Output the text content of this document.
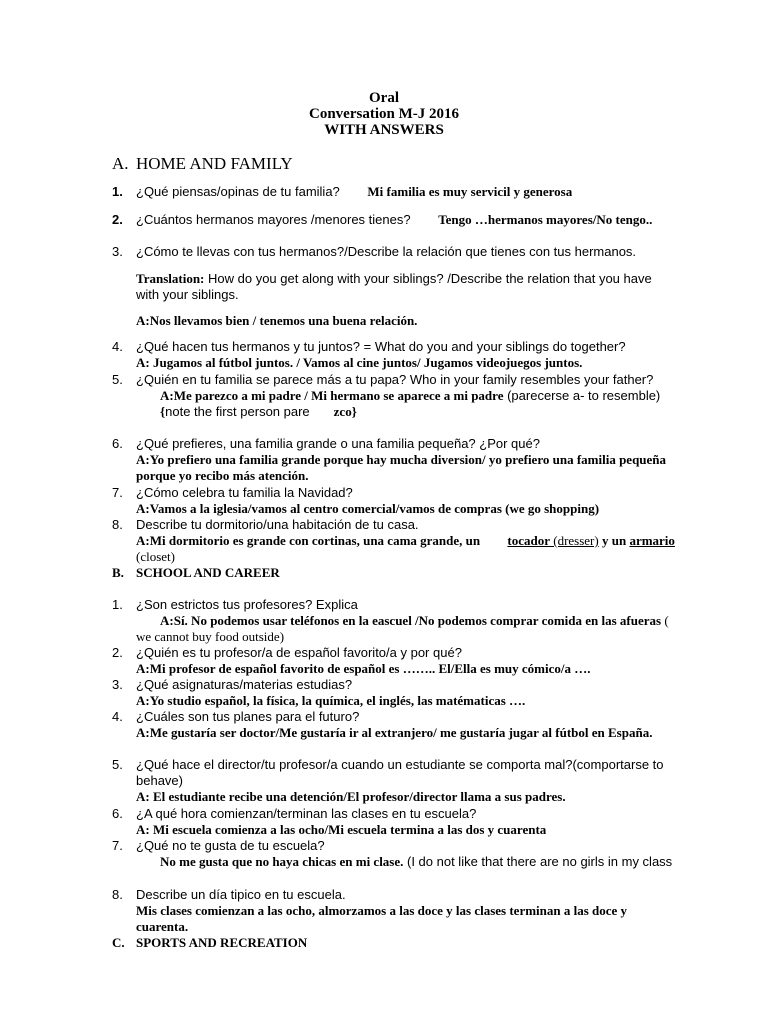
Oral
Conversation M-J 2016
WITH ANSWERS
A. HOME AND FAMILY
1. ¿Qué piensas/opinas de tu familia? Mi familia es muy servicil y generosa
2. ¿Cuántos hermanos mayores /menores tienes? Tengo …hermanos mayores/No tengo..
3. ¿Cómo te llevas con tus hermanos?/Describe la relación que tienes con tus hermanos.
Translation: How do you get along with your siblings? /Describe the relation that you have with your siblings.
A:Nos llevamos bien / tenemos una buena relación.
4. ¿Qué hacen tus hermanos y tu juntos? = What do you and your siblings do together?
A: Jugamos al fútbol juntos. / Vamos al cine juntos/ Jugamos videojuegos juntos.
5. ¿Quién en tu familia se parece más a tu papa? Who in your family resembles your father?
A:Me parezco a mi padre / Mi hermano se aparece a mi padre (parecerse a- to resemble) {note the first person pare zco}
6. ¿Qué prefieres, una familia grande o una familia pequeña? ¿Por qué?
A:Yo prefiero una familia grande porque hay mucha diversion/ yo prefiero una familia pequeña porque yo recibo más atención.
7. ¿Cómo celebra tu familia la Navidad?
A:Vamos a la iglesia/vamos al centro comercial/vamos de compras (we go shopping)
8. Describe tu dormitorio/una habitación de tu casa.
A:Mi dormitorio es grande con cortinas, una cama grande, un tocador (dresser) y un armario (closet)
B. SCHOOL AND CAREER
1. ¿Son estrictos tus profesores? Explica
A:Sí. No podemos usar teléfonos en la eascuel /No podemos comprar comida en las afueras ( we cannot buy food outside)
2. ¿Quién es tu profesor/a de español favorito/a y por qué?
A:Mi profesor de español favorito de español es …….. El/Ella es muy cómico/a ….
3. ¿Qué asignaturas/materias estudias?
A:Yo studio español, la física, la química, el inglés, las matématicas ….
4. ¿Cuáles son tus planes para el futuro?
A:Me gustaría ser doctor/Me gustaría ir al extranjero/ me gustaría jugar al fútbol en España.
5. ¿Qué hace el director/tu profesor/a cuando un estudiante se comporta mal?(comportarse to behave)
A: El estudiante recibe una detención/El profesor/director llama a sus padres.
6. ¿A qué hora comienzan/terminan las clases en tu escuela?
A: Mi escuela comienza a las ocho/Mi escuela termina a las dos y cuarenta
7. ¿Qué no te gusta de tu escuela?
No me gusta que no haya chicas en mi clase. (I do not like that there are no girls in my class
8. Describe un día tipico en tu escuela.
Mis clases comienzan a las ocho, almorzamos a las doce y las clases terminan a las doce y cuarenta.
C. SPORTS AND RECREATION
